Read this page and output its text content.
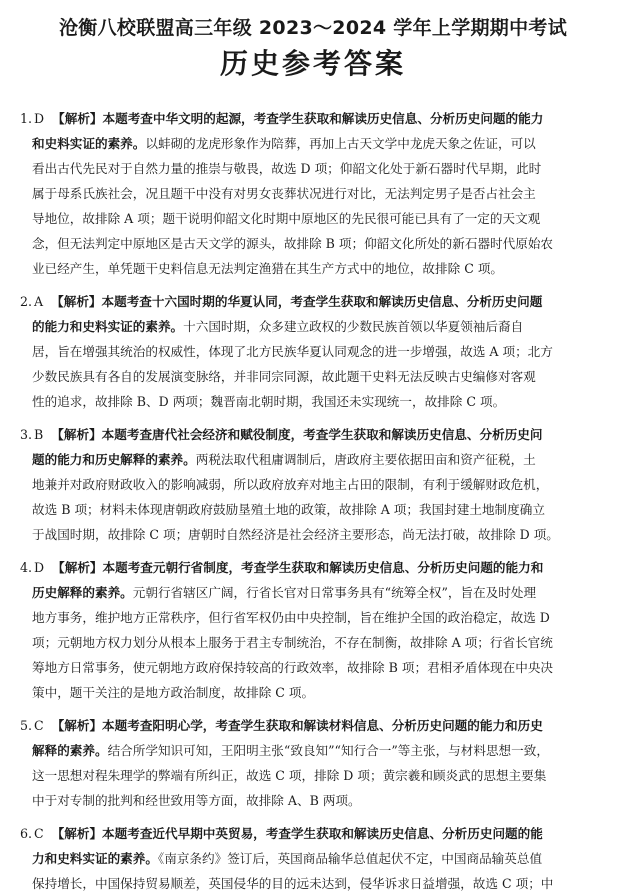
沧衡八校联盟高三年级 2023～2024 学年上学期期中考试
历史参考答案
1. D 【解析】本题考查中华文明的起源，考查学生获取和解读历史信息、分析历史问题的能力
和史料实证的素养。以蚌砌的龙虎形象作为陪葬，再加上古天文学中龙虎天象之佐证，可以
看出古代先民对于自然力量的推崇与敬畏，故选 D 项；仰韶文化处于新石器时代早期，此时
属于母系氏族社会，况且题干中没有对男女丧葬状况进行对比，无法判定男子是否占社会主
导地位，故排除 A 项；题干说明仰韶文化时期中原地区的先民很可能已具有了一定的天文观
念，但无法判定中原地区是古天文学的源头，故排除 B 项；仰韶文化所处的新石器时代原始农
业已经产生，单凭题干史料信息无法判定渔猎在其生产方式中的地位，故排除 C 项。
2. A 【解析】本题考查十六国时期的华夏认同，考查学生获取和解读历史信息、分析历史问题
的能力和史料实证的素养。十六国时期，众多建立政权的少数民族首领以华夏领袖后裔自
居，旨在增强其统治的权威性，体现了北方民族华夏认同观念的进一步增强，故选 A 项；北方
少数民族具有各自的发展演变脉络，并非同宗同源，故此题干史料无法反映古史编修对客观
性的追求，故排除 B、D 两项；魏晋南北朝时期，我国还未实现统一，故排除 C 项。
3. B 【解析】本题考查唐代社会经济和赋役制度，考查学生获取和解读历史信息、分析历史问
题的能力和历史解释的素养。两税法取代租庸调制后，唐政府主要依据田亩和资产征税，土
地兼并对政府财政收入的影响减弱，所以政府放弃对地主占田的限制，有利于缓解财政危机，
故选 B 项；材料未体现唐朝政府鼓励垦殖土地的政策，故排除 A 项；我国封建土地制度确立
于战国时期，故排除 C 项；唐朝时自然经济是社会经济主要形态，尚无法打破，故排除 D 项。
4. D 【解析】本题考查元朝行省制度，考查学生获取和解读历史信息、分析历史问题的能力和
历史解释的素养。元朝行省辖区广阔，行省长官对日常事务具有“统筹全权”，旨在及时处理
地方事务，维护地方正常秩序，但行省军权仍由中央控制，旨在维护全国的政治稳定，故选 D
项；元朝地方权力划分从根本上服务于君主专制统治，不存在制衡，故排除 A 项；行省长官统
筹地方日常事务，使元朝地方政府保持较高的行政效率，故排除 B 项；君相矛盾体现在中央决
策中，题干关注的是地方政治制度，故排除 C 项。
5. C 【解析】本题考查阳明心学，考查学生获取和解读材料信息、分析历史问题的能力和历史
解释的素养。结合所学知识可知，王阳明主张“致良知”“知行合一”等主张，与材料思想一致，
这一思想对程朱理学的弊端有所纠正，故选 C 项，排除 D 项；黄宗羲和顾炎武的思想主要集
中于对专制的批判和经世致用等方面，故排除 A、B 两项。
6. C 【解析】本题考查近代早期中英贸易，考查学生获取和解读历史信息、分析历史问题的能
力和史料实证的素养。《南京条约》签订后，英国商品输华总值起伏不定，中国商品输英总值
保持增长，中国保持贸易顺差，英国侵华的目的远未达到，侵华诉求日益增强，故选 C 项；中
